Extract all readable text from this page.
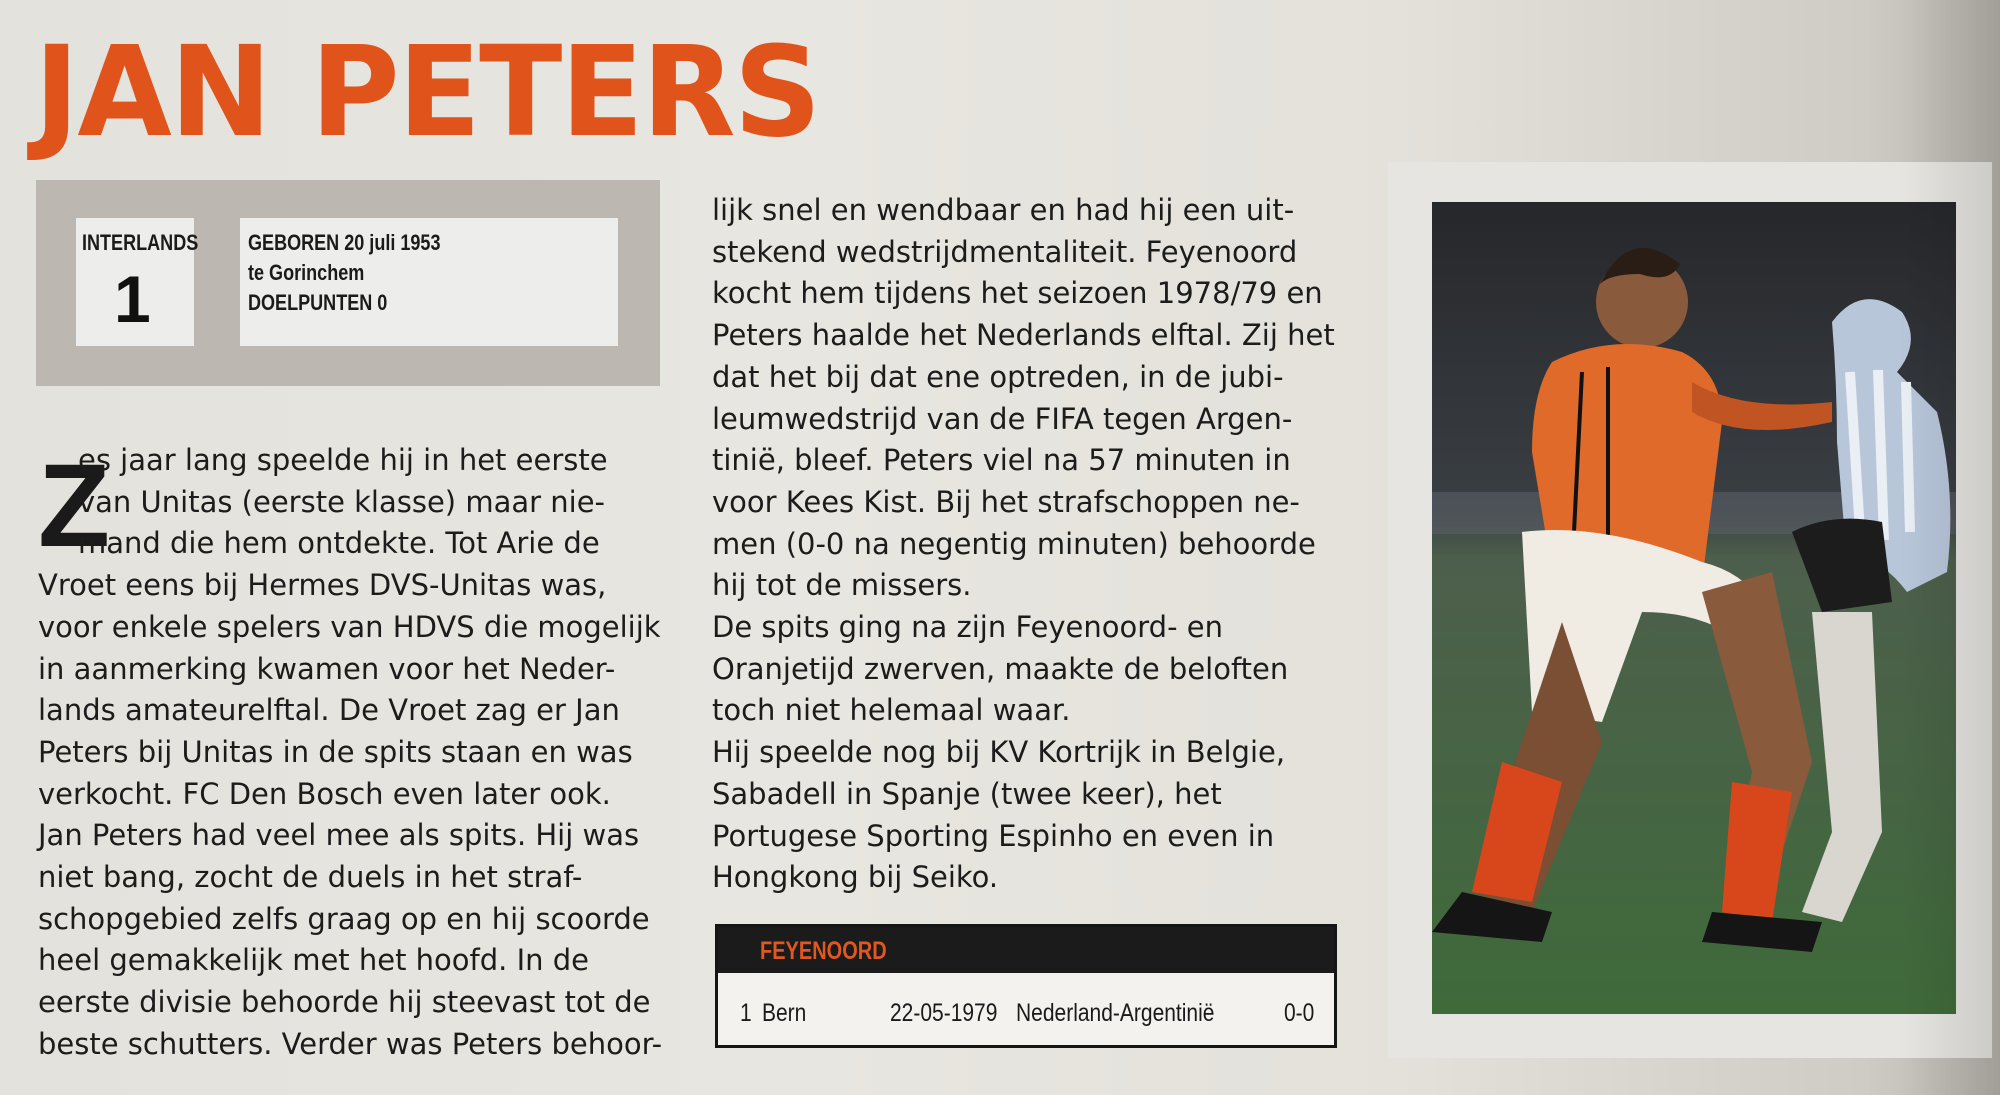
JAN PETERS
INTERLANDS
1
GEBOREN 20 juli 1953
te Gorinchem
DOELPUNTEN 0
Z
es jaar lang speelde hij in het eerste
van Unitas (eerste klasse) maar nie-
mand die hem ontdekte. Tot Arie de
Vroet eens bij Hermes DVS-Unitas was,
voor enkele spelers van HDVS die mogelijk
in aanmerking kwamen voor het Neder-
lands amateurelftal. De Vroet zag er Jan
Peters bij Unitas in de spits staan en was
verkocht. FC Den Bosch even later ook.
Jan Peters had veel mee als spits. Hij was
niet bang, zocht de duels in het straf-
schopgebied zelfs graag op en hij scoorde
heel gemakkelijk met het hoofd. In de
eerste divisie behoorde hij steevast tot de
beste schutters. Verder was Peters behoor-
lijk snel en wendbaar en had hij een uit-
stekend wedstrijdmentaliteit. Feyenoord
kocht hem tijdens het seizoen 1978/79 en
Peters haalde het Nederlands elftal. Zij het
dat het bij dat ene optreden, in de jubi-
leumwedstrijd van de FIFA tegen Argen-
tinië, bleef. Peters viel na 57 minuten in
voor Kees Kist. Bij het strafschoppen ne-
men (0-0 na negentig minuten) behoorde
hij tot de missers.
De spits ging na zijn Feyenoord- en
Oranjetijd zwerven, maakte de beloften
toch niet helemaal waar.
Hij speelde nog bij KV Kortrijk in Belgie,
Sabadell in Spanje (twee keer), het
Portugese Sporting Espinho en even in
Hongkong bij Seiko.
FEYENOORD
1 Bern	22-05-1979 Nederland-Argentinië	0-0
